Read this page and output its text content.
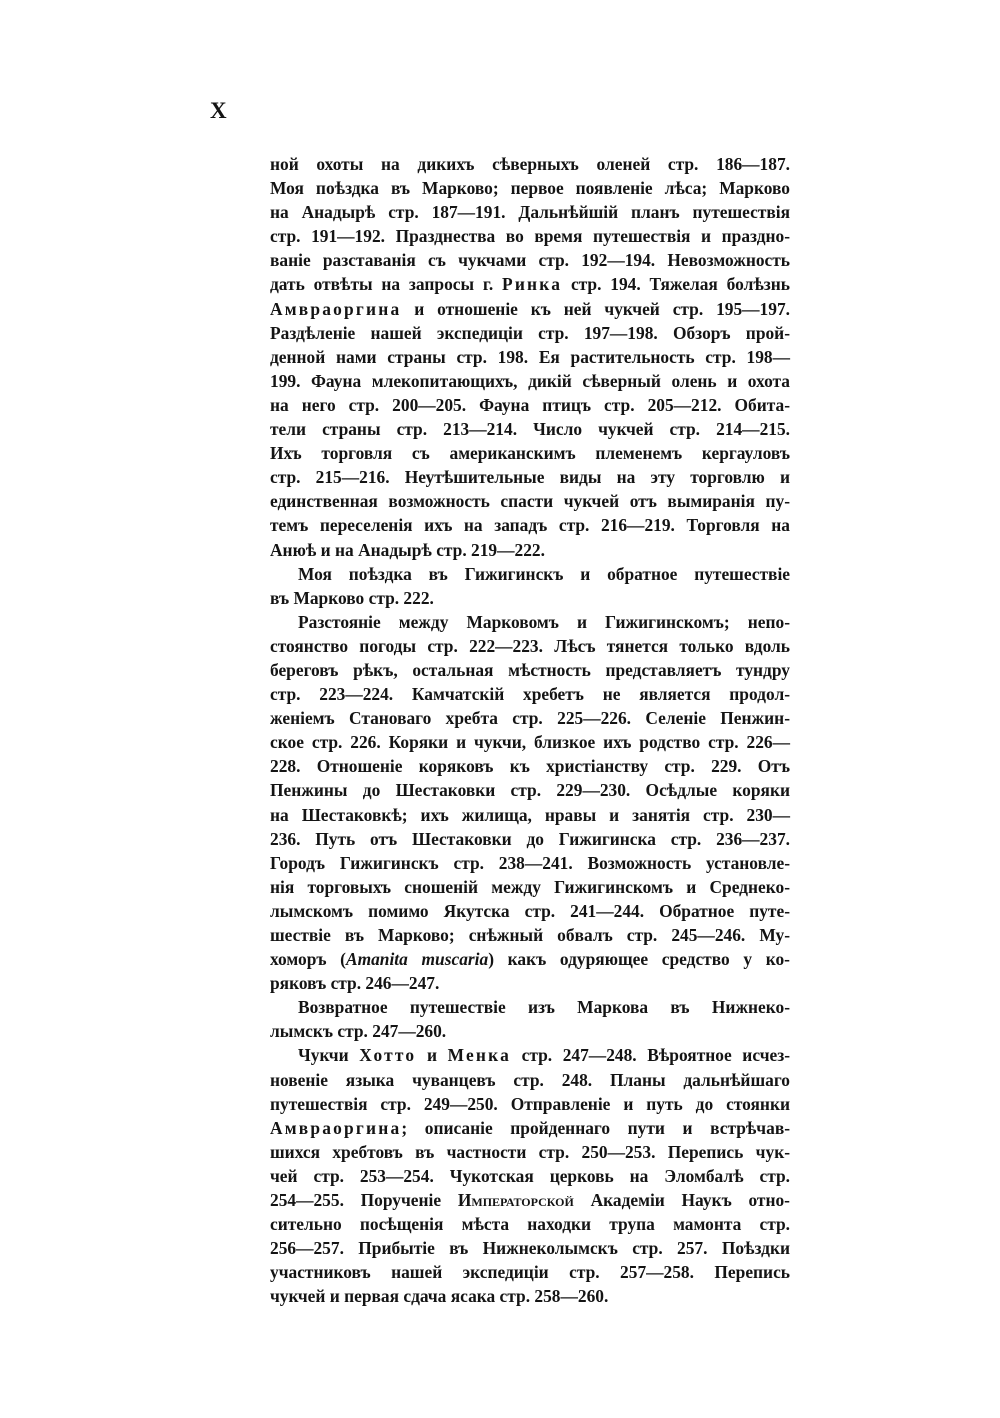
X
ной охоты на дикихъ сѣверныхъ оленей стр. 186—187.
Моя поѣздка въ Марково; первое появленіе лѣса; Марково
на Анадырѣ стр. 187—191. Дальнѣйшій планъ путешествія
стр. 191—192. Празднества во время путешествія и праздно-
ваніе разставанія съ чукчами стр. 192—194. Невозможность
дать отвѣты на запросы г. Ринка стр. 194. Тяжелая болѣзнь
Амвраоргина и отношеніе къ ней чукчей стр. 195—197.
Раздѣленіе нашей экспедиціи стр. 197—198. Обзоръ прой-
денной нами страны стр. 198. Ея растительность стр. 198—
199. Фауна млекопитающихъ, дикій сѣверный олень и охота
на него стр. 200—205. Фауна птицъ стр. 205—212. Обита-
тели страны стр. 213—214. Число чукчей стр. 214—215.
Ихъ торговля съ американскимъ племенемъ кергауловъ
стр. 215—216. Неутѣшительные виды на эту торговлю и
единственная возможность спасти чукчей отъ вымиранія пу-
темъ переселенія ихъ на западъ стр. 216—219. Торговля на
Анюѣ и на Анадырѣ стр. 219—222.
Моя поѣздка въ Гижигинскъ и обратное путешествіе
въ Марково стр. 222.
Разстояніе между Марковомъ и Гижигинскомъ; непо-
стоянство погоды стр. 222—223. Лѣсъ тянется только вдоль
береговъ рѣкъ, остальная мѣстность представляетъ тундру
стр. 223—224. Камчатскій хребетъ не является продол-
женіемъ Становаго хребта стр. 225—226. Селеніе Пенжин-
ское стр. 226. Коряки и чукчи, близкое ихъ родство стр. 226—
228. Отношеніе коряковъ къ христіанству стр. 229. Отъ
Пенжины до Шестаковки стр. 229—230. Осѣдлые коряки
на Шестаковкѣ; ихъ жилища, нравы и занятія стр. 230—
236. Путь отъ Шестаковки до Гижигинска стр. 236—237.
Городъ Гижигинскъ стр. 238—241. Возможность установле-
нія торговыхъ сношеній между Гижигинскомъ и Среднеко-
лымскомъ помимо Якутска стр. 241—244. Обратное путе-
шествіе въ Марково; снѣжный обвалъ стр. 245—246. Му-
хоморъ (Amanita muscaria) какъ одуряющее средство у ко-
ряковъ стр. 246—247.
Возвратное путешествіе изъ Маркова въ Нижнеко-
лымскъ стр. 247—260.
Чукчи Хотто и Менка стр. 247—248. Вѣроятное исчез-
новеніе языка чуванцевъ стр. 248. Планы дальнѣйшаго
путешествія стр. 249—250. Отправленіе и путь до стоянки
Амвраоргина; описаніе пройденнаго пути и встрѣчав-
шихся хребтовъ въ частности стр. 250—253. Перепись чук-
чей стр. 253—254. Чукотская церковь на Эломбалѣ стр.
254—255. Порученіе Императорской Академіи Наукъ отно-
сительно посѣщенія мѣста находки трупа мамонта стр.
256—257. Прибытіе въ Нижнеколымскъ стр. 257. Поѣздки
участниковъ нашей экспедиціи стр. 257—258. Перепись
чукчей и первая сдача ясака стр. 258—260.
